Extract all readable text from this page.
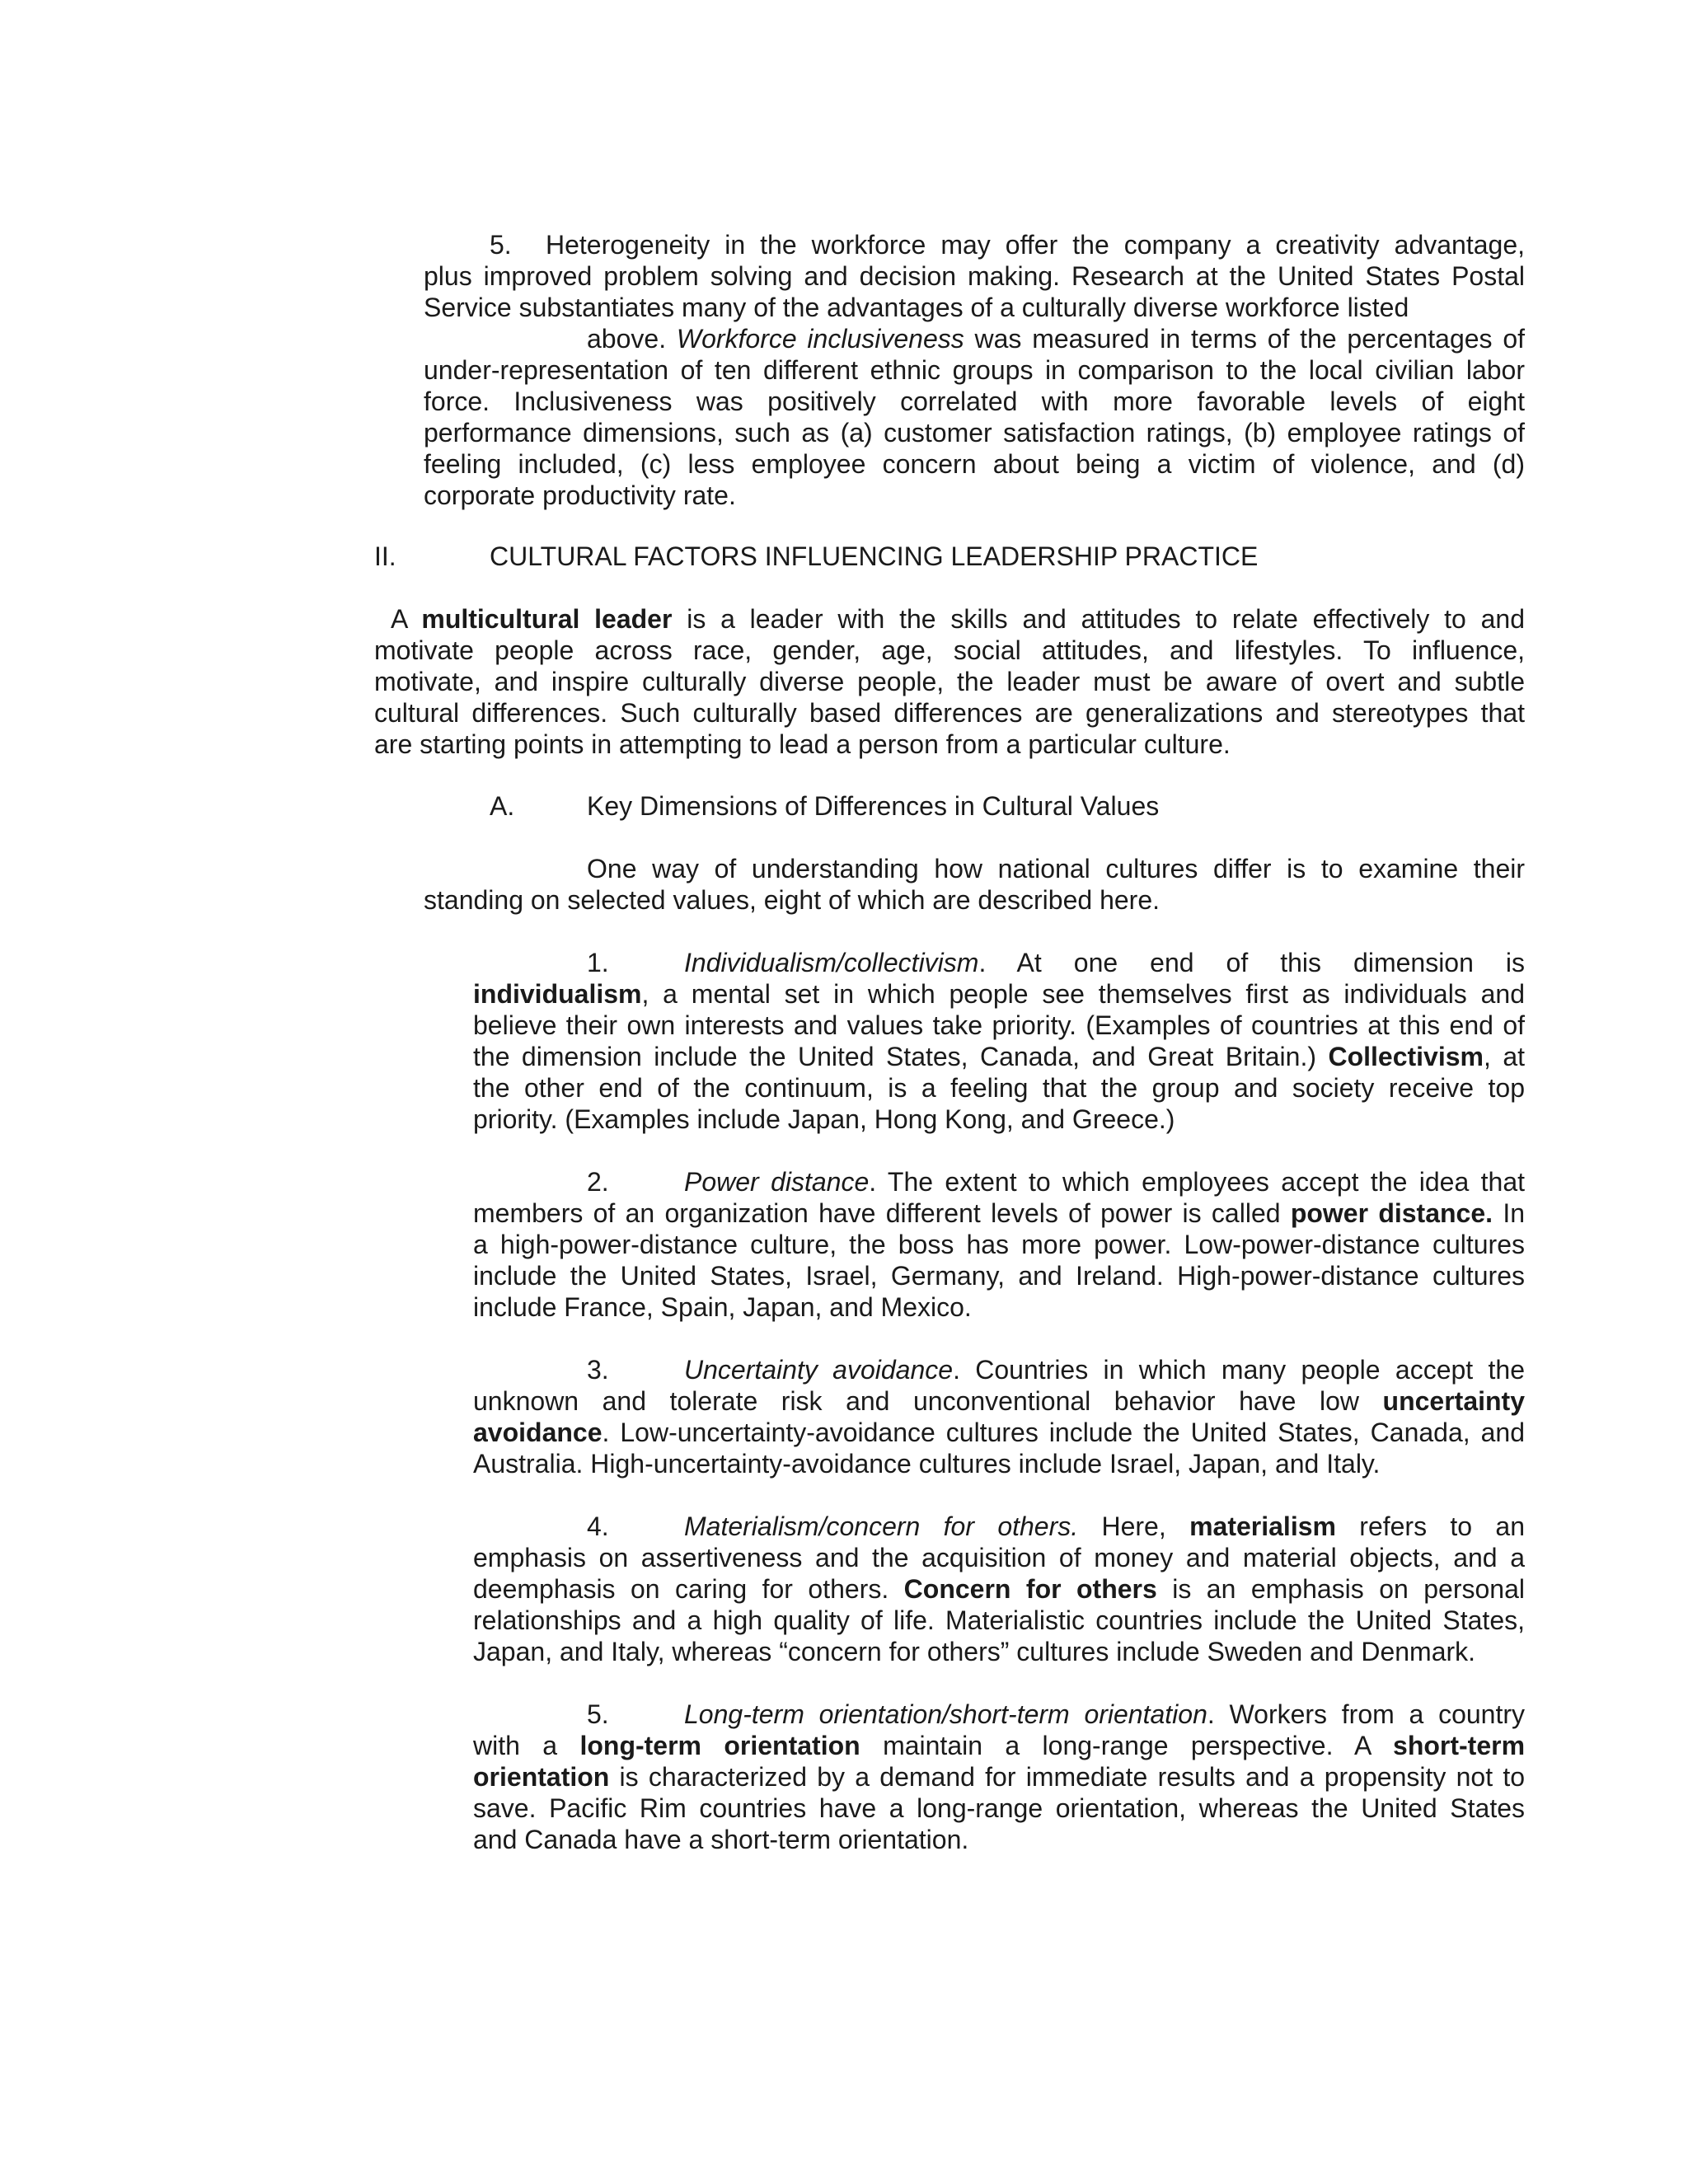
5. Heterogeneity in the workforce may offer the company a creativity advantage,
plus improved problem solving and decision making. Research at the United States Postal
Service substantiates many of the advantages of a culturally diverse workforce listed
above. Workforce inclusiveness was measured in terms of the percentages of
under-representation of ten different ethnic groups in comparison to the local civilian labor
force. Inclusiveness was positively correlated with more favorable levels of eight
performance dimensions, such as (a) customer satisfaction ratings, (b) employee ratings of
feeling included, (c) less employee concern about being a victim of violence, and (d)
corporate productivity rate.
II.	CULTURAL FACTORS INFLUENCING LEADERSHIP PRACTICE
A multicultural leader is a leader with the skills and attitudes to relate effectively to and
motivate people across race, gender, age, social attitudes, and lifestyles. To influence,
motivate, and inspire culturally diverse people, the leader must be aware of overt and subtle
cultural differences. Such culturally based differences are generalizations and stereotypes that
are starting points in attempting to lead a person from a particular culture.
A.	Key Dimensions of Differences in Cultural Values
One way of understanding how national cultures differ is to examine their
standing on selected values, eight of which are described here.
1.	Individualism/collectivism. At one end of this dimension is
individualism, a mental set in which people see themselves first as individuals and
believe their own interests and values take priority. (Examples of countries at this end of
the dimension include the United States, Canada, and Great Britain.) Collectivism, at
the other end of the continuum, is a feeling that the group and society receive top
priority. (Examples include Japan, Hong Kong, and Greece.)
2.	Power distance. The extent to which employees accept the idea that
members of an organization have different levels of power is called power distance. In
a high-power-distance culture, the boss has more power. Low-power-distance cultures
include the United States, Israel, Germany, and Ireland. High-power-distance cultures
include France, Spain, Japan, and Mexico.
3.	Uncertainty avoidance. Countries in which many people accept the
unknown and tolerate risk and unconventional behavior have low uncertainty
avoidance. Low-uncertainty-avoidance cultures include the United States, Canada, and
Australia. High-uncertainty-avoidance cultures include Israel, Japan, and Italy.
4.	Materialism/concern for others. Here, materialism refers to an
emphasis on assertiveness and the acquisition of money and material objects, and a
deemphasis on caring for others. Concern for others is an emphasis on personal
relationships and a high quality of life. Materialistic countries include the United States,
Japan, and Italy, whereas “concern for others” cultures include Sweden and Denmark.
5.	Long-term orientation/short-term orientation. Workers from a country
with a long-term orientation maintain a long-range perspective. A short-term
orientation is characterized by a demand for immediate results and a propensity not to
save. Pacific Rim countries have a long-range orientation, whereas the United States
and Canada have a short-term orientation.
